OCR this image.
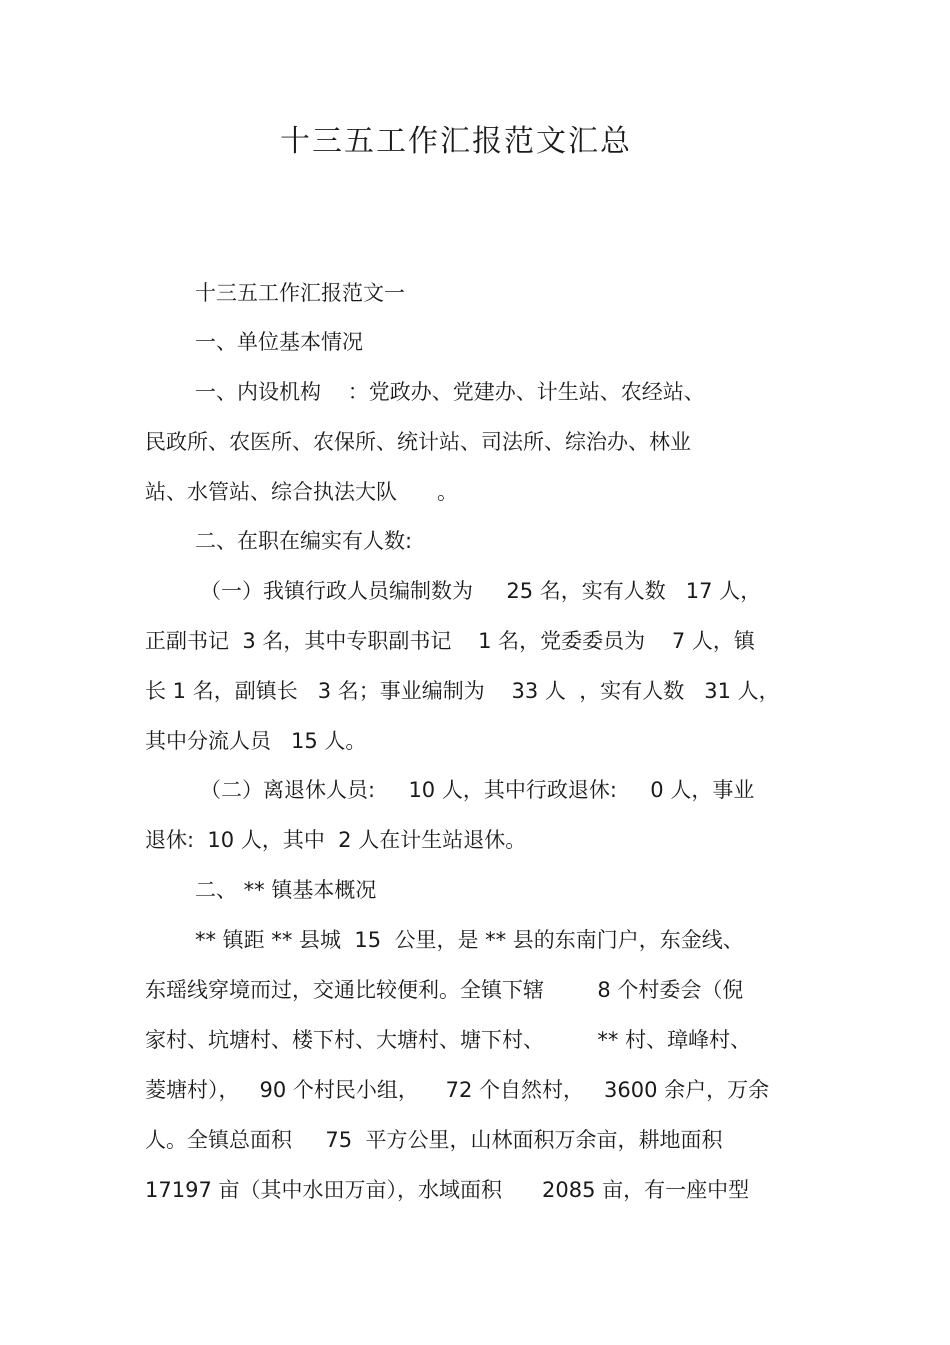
十三五工作汇报范文汇总
十三五工作汇报范文一
一、单位基本情况
一、内设机构    ：党政办、党建办、计生站、农经站、
民政所、农医所、农保所、统计站、司法所、综治办、林业
站、水管站、综合执法大队      。
二、在职在编实有人数:
（一）我镇行政人员编制数为     25 名，实有人数   17 人，
正副书记  3 名，其中专职副书记    1 名，党委委员为    7 人，镇
长 1 名，副镇长   3 名；事业编制为    33 人  ，实有人数   31 人，
其中分流人员   15 人。
（二）离退休人员:     10 人，其中行政退休:     0 人，事业
退休:  10 人，其中  2 人在计生站退休。
二、 ** 镇基本概况
** 镇距 ** 县城  15  公里，是 ** 县的东南门户，东金线、
东瑶线穿境而过，交通比较便利。全镇下辖        8 个村委会（倪
家村、坑塘村、楼下村、大塘村、塘下村、        ** 村、璋峰村、
菱塘村），   90 个村民小组，    72 个自然村，   3600 余户，万余
人。全镇总面积     75  平方公里，山林面积万余亩，耕地面积
17197 亩（其中水田万亩），水域面积      2085 亩，有一座中型
